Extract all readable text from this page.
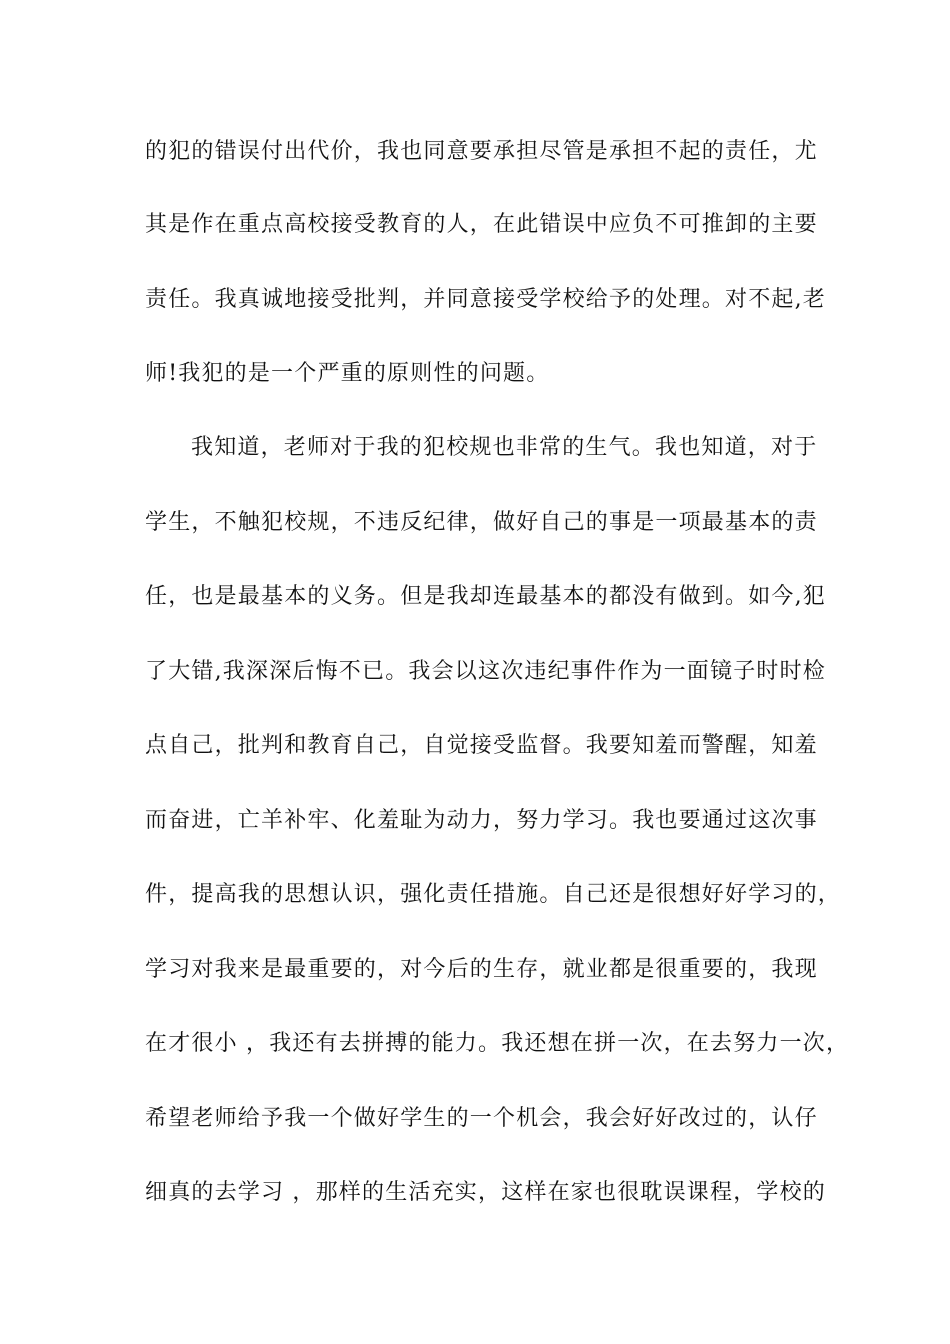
的犯的错误付出代价，我也同意要承担尽管是承担不起的责任，尤
其是作在重点高校接受教育的人，在此错误中应负不可推卸的主要
责任。我真诚地接受批判，并同意接受学校给予的处理。对不起,老
师!我犯的是一个严重的原则性的问题。
我知道，老师对于我的犯校规也非常的生气。我也知道，对于
学生，不触犯校规，不违反纪律，做好自己的事是一项最基本的责
任，也是最基本的义务。但是我却连最基本的都没有做到。如今,犯
了大错,我深深后悔不已。我会以这次违纪事件作为一面镜子时时检
点自己，批判和教育自己，自觉接受监督。我要知羞而警醒，知羞
而奋进，亡羊补牢、化羞耻为动力，努力学习。我也要通过这次事
件，提高我的思想认识，强化责任措施。自己还是很想好好学习的，
学习对我来是最重要的，对今后的生存，就业都是很重要的，我现
在才很小 ，我还有去拼搏的能力。我还想在拼一次，在去努力一次，
希望老师给予我一个做好学生的一个机会，我会好好改过的，认仔
细真的去学习 ，那样的生活充实，这样在家也很耽误课程，学校的
